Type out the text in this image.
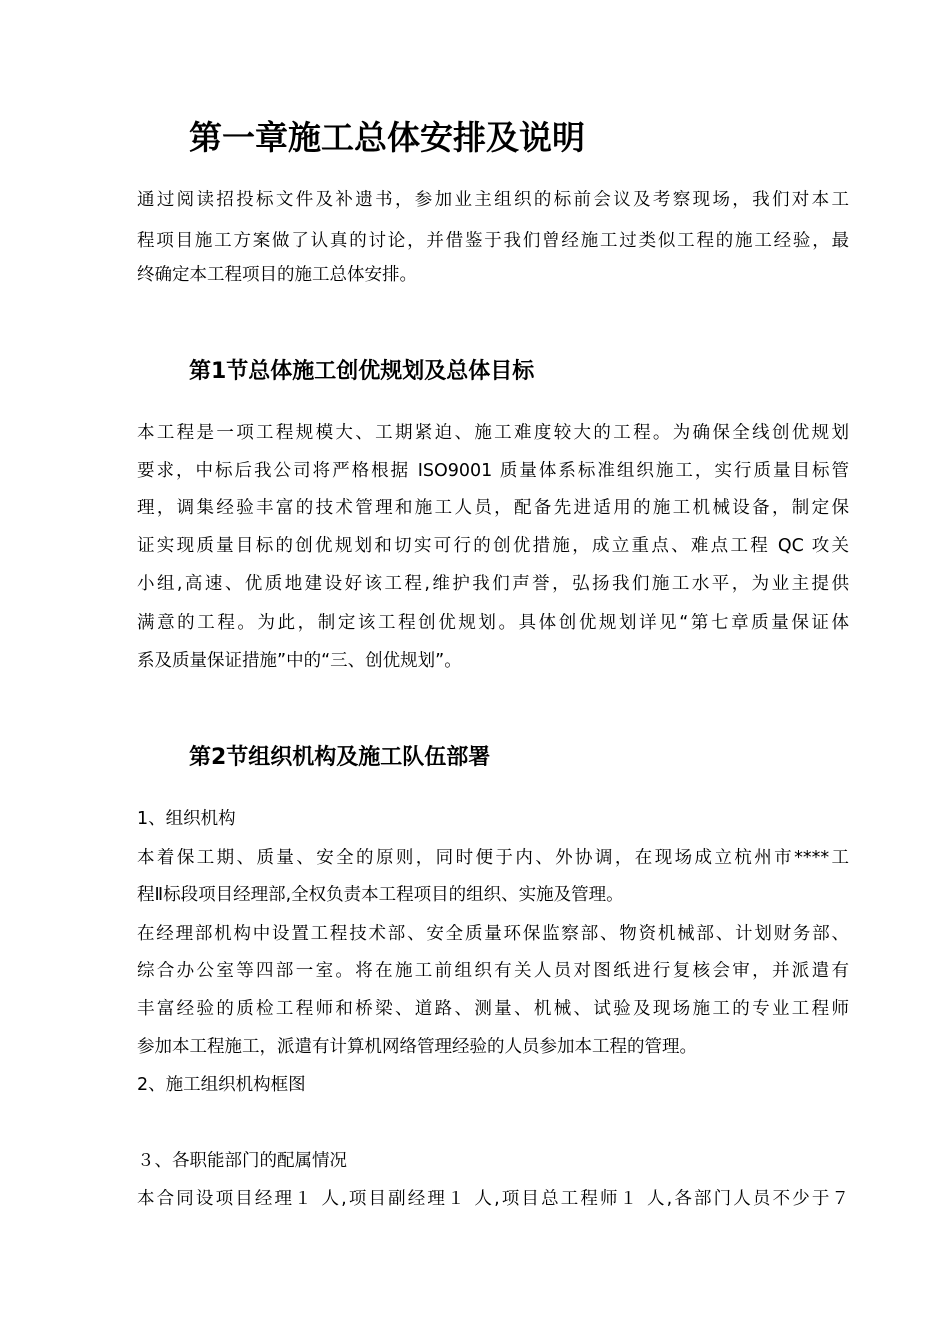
第一章施工总体安排及说明

通过阅读招投标文件及补遗书，参加业主组织的标前会议及考察现场，我们对本工

程项目施工方案做了认真的讨论，并借鉴于我们曾经施工过类似工程的施工经验，最

终确定本工程项目的施工总体安排。

第1节总体施工创优规划及总体目标

本工程是一项工程规模大、工期紧迫、施工难度较大的工程。为确保全线创优规划

要求，中标后我公司将严格根据 ISO9001 质量体系标准组织施工，实行质量目标管

理，调集经验丰富的技术管理和施工人员，配备先进适用的施工机械设备，制定保

证实现质量目标的创优规划和切实可行的创优措施，成立重点、难点工程 QC 攻关

小组,高速、优质地建设好该工程,维护我们声誉，弘扬我们施工水平，为业主提供

满意的工程。为此，制定该工程创优规划。具体创优规划详见“第七章质量保证体

系及质量保证措施”中的“三、创优规划”。

第2节组织机构及施工队伍部署

1、组织机构

本着保工期、质量、安全的原则，同时便于内、外协调，在现场成立杭州市****工

程Ⅱ标段项目经理部,全权负责本工程项目的组织、实施及管理。

在经理部机构中设置工程技术部、安全质量环保监察部、物资机械部、计划财务部、

综合办公室等四部一室。将在施工前组织有关人员对图纸进行复核会审，并派遣有

丰富经验的质检工程师和桥梁、道路、测量、机械、试验及现场施工的专业工程师

参加本工程施工，派遣有计算机网络管理经验的人员参加本工程的管理。

2、施工组织机构框图

３、各职能部门的配属情况

本合同设项目经理１ 人,项目副经理１ 人,项目总工程师１ 人,各部门人员不少于７
